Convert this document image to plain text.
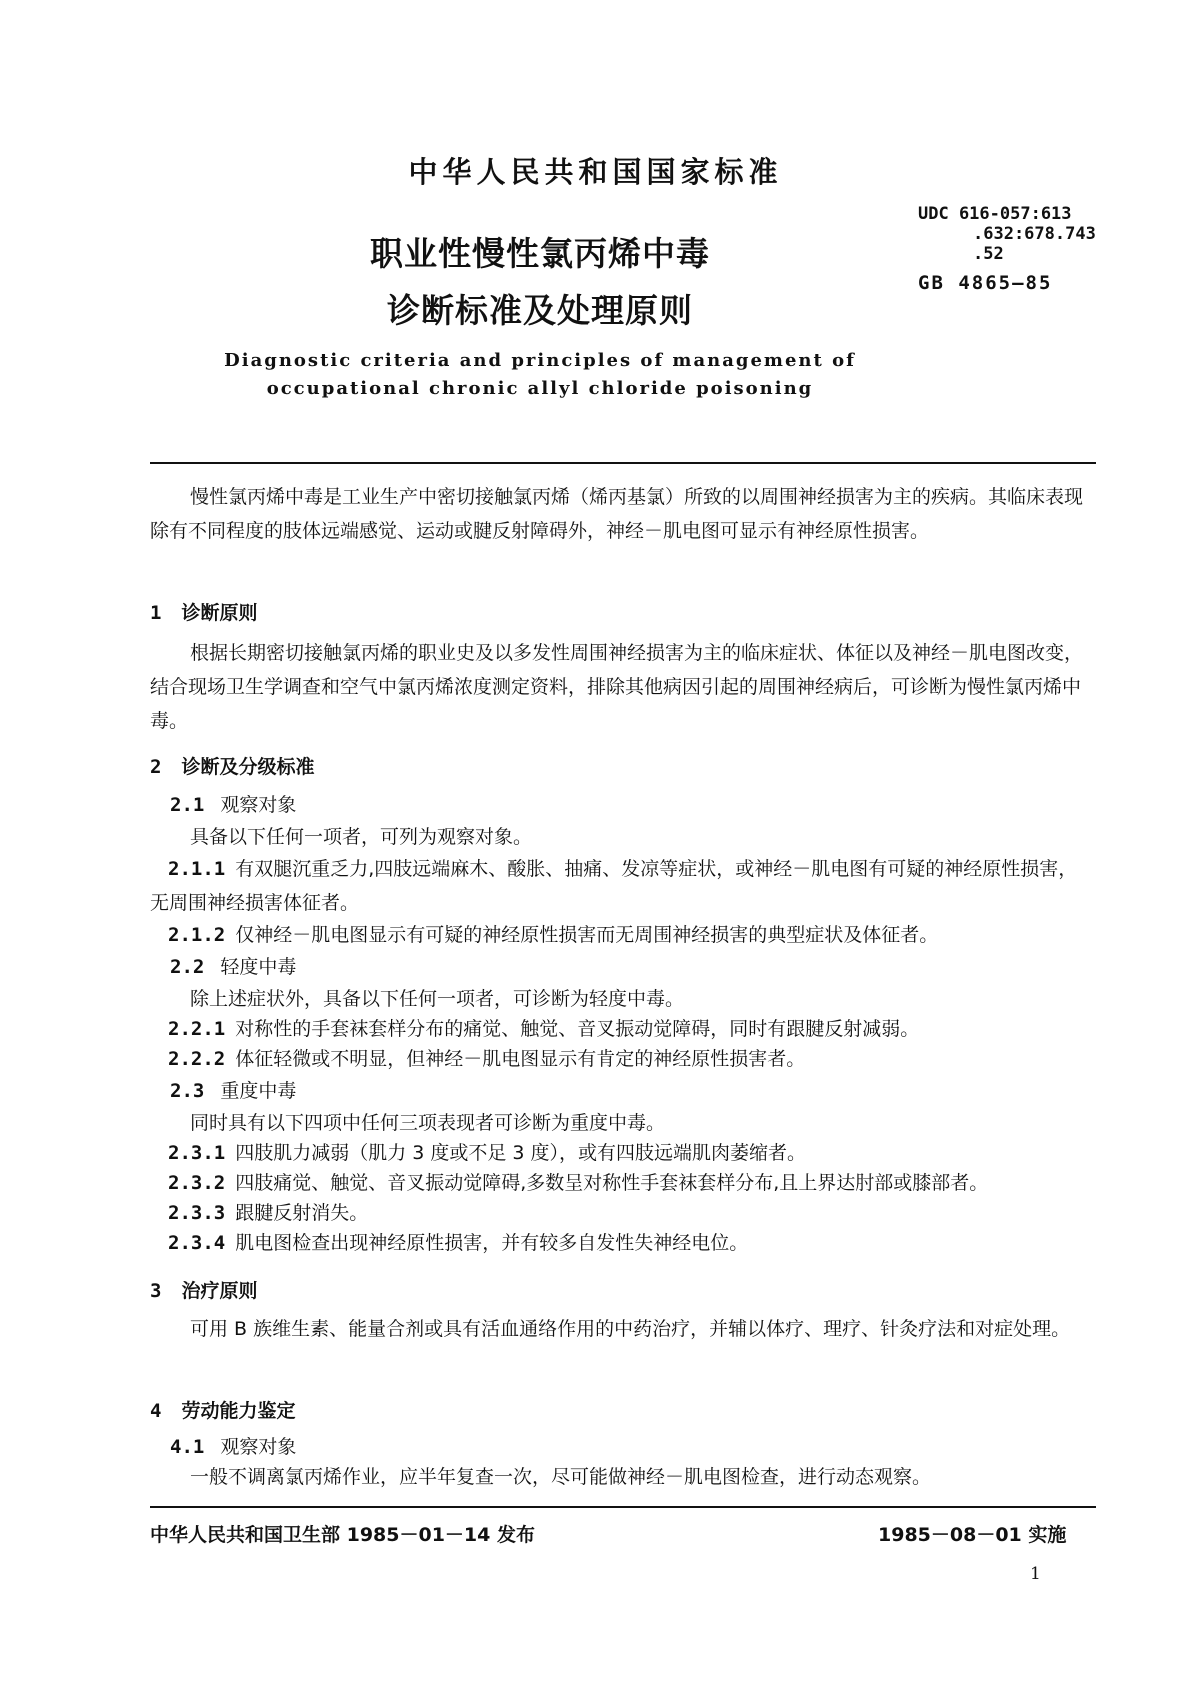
中华人民共和国国家标准
UDC 616-057:613
.632:678.743
.52
GB 4865—85
职业性慢性氯丙烯中毒
诊断标准及处理原则
Diagnostic criteria and principles of management of
occupational chronic allyl chloride poisoning
慢性氯丙烯中毒是工业生产中密切接触氯丙烯（烯丙基氯）所致的以周围神经损害为主的疾病。其临床表现除有不同程度的肢体远端感觉、运动或腱反射障碍外，神经－肌电图可显示有神经原性损害。
1 诊断原则
根据长期密切接触氯丙烯的职业史及以多发性周围神经损害为主的临床症状、体征以及神经－肌电图改变，结合现场卫生学调查和空气中氯丙烯浓度测定资料，排除其他病因引起的周围神经病后，可诊断为慢性氯丙烯中毒。
2 诊断及分级标准
2.1 观察对象
具备以下任何一项者，可列为观察对象。
2.1.1 有双腿沉重乏力,四肢远端麻木、酸胀、抽痛、发凉等症状，或神经－肌电图有可疑的神经原性损害，无周围神经损害体征者。
2.1.2 仅神经－肌电图显示有可疑的神经原性损害而无周围神经损害的典型症状及体征者。
2.2 轻度中毒
除上述症状外，具备以下任何一项者，可诊断为轻度中毒。
2.2.1 对称性的手套袜套样分布的痛觉、触觉、音叉振动觉障碍，同时有跟腱反射减弱。
2.2.2 体征轻微或不明显，但神经－肌电图显示有肯定的神经原性损害者。
2.3 重度中毒
同时具有以下四项中任何三项表现者可诊断为重度中毒。
2.3.1 四肢肌力减弱（肌力 3 度或不足 3 度），或有四肢远端肌肉萎缩者。
2.3.2 四肢痛觉、触觉、音叉振动觉障碍,多数呈对称性手套袜套样分布,且上界达肘部或膝部者。
2.3.3 跟腱反射消失。
2.3.4 肌电图检查出现神经原性损害，并有较多自发性失神经电位。
3 治疗原则
可用 B 族维生素、能量合剂或具有活血通络作用的中药治疗，并辅以体疗、理疗、针灸疗法和对症处理。
4 劳动能力鉴定
4.1 观察对象
一般不调离氯丙烯作业，应半年复查一次，尽可能做神经－肌电图检查，进行动态观察。
中华人民共和国卫生部 1985－01－14 发布	1985－08－01 实施
1
